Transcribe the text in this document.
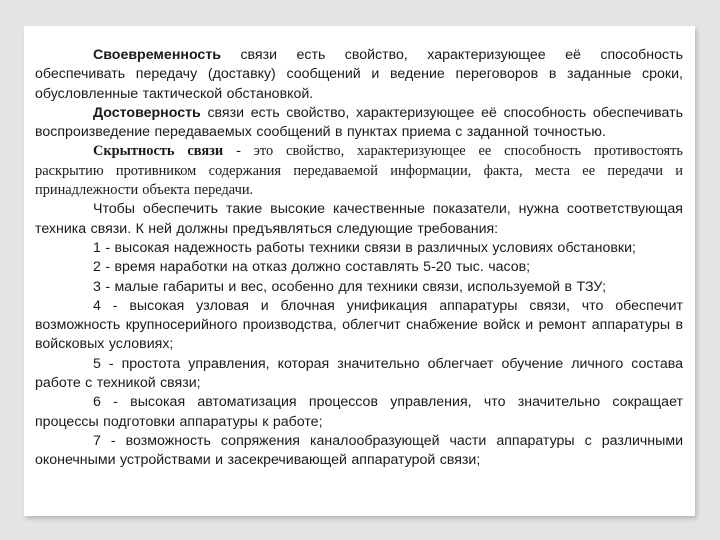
Своевременность связи есть свойство, характеризующее её способность обеспечивать передачу (доставку) сообщений и ведение переговоров в заданные сроки, обусловленные тактической обстановкой.

Достоверность связи есть свойство, характеризующее её способность обеспечивать воспроизведение передаваемых сообщений в пунктах приема с заданной точностью.

Скрытность связи - это свойство, характеризующее ее способность противостоять раскрытию противником содержания передаваемой информации, факта, места ее передачи и принадлежности объекта передачи.

Чтобы обеспечить такие высокие качественные показатели, нужна соответствующая техника связи. К ней должны предъявляться следующие требования:

1 - высокая надежность работы техники связи в различных условиях обстановки;

2 - время наработки на отказ должно составлять 5-20 тыс. часов;

3 - малые габариты и вес, особенно для техники связи, используемой в ТЗУ;

4 - высокая узловая и блочная унификация аппаратуры связи, что обеспечит возможность крупносерийного производства, облегчит снабжение войск и ремонт аппаратуры в войсковых условиях;

5 - простота управления, которая значительно облегчает обучение личного состава работе с техникой связи;

6 - высокая автоматизация процессов управления, что значительно сокращает процессы подготовки аппаратуры к работе;

7 - возможность сопряжения каналообразующей части аппаратуры с различными оконечными устройствами и засекречивающей аппаратурой связи;
